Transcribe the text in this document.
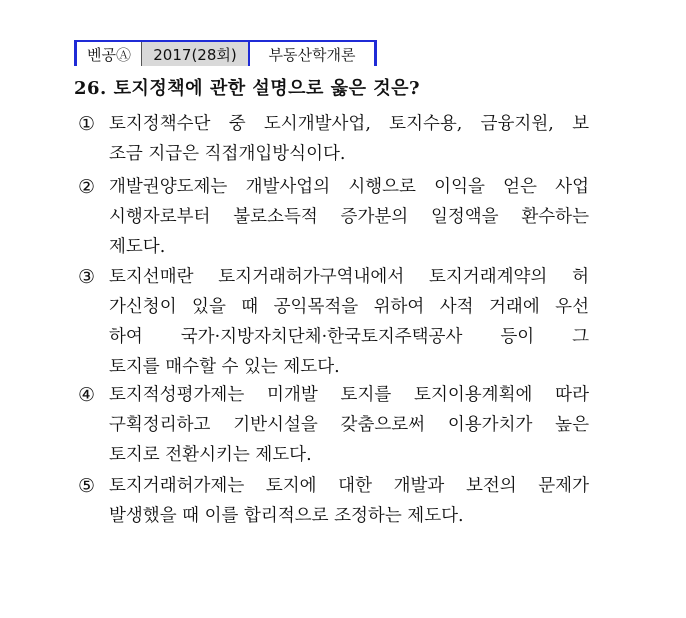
벤공Ⓐ	2017(28회)	부동산학개론
26. 토지정책에 관한 설명으로 옳은 것은?
① 토지정책수단 중 도시개발사업, 토지수용, 금융지원, 보
조금 지급은 직접개입방식이다.
② 개발권양도제는 개발사업의 시행으로 이익을 얻은 사업
시행자로부터 불로소득적 증가분의 일정액을 환수하는
제도다.
③ 토지선매란 토지거래허가구역내에서 토지거래계약의 허
가신청이 있을 때 공익목적을 위하여 사적 거래에 우선
하여 국가·지방자치단체·한국토지주택공사 등이 그
토지를 매수할 수 있는 제도다.
④ 토지적성평가제는 미개발 토지를 토지이용계획에 따라
구획정리하고 기반시설을 갖춤으로써 이용가치가 높은
토지로 전환시키는 제도다.
⑤ 토지거래허가제는 토지에 대한 개발과 보전의 문제가
발생했을 때 이를 합리적으로 조정하는 제도다.
